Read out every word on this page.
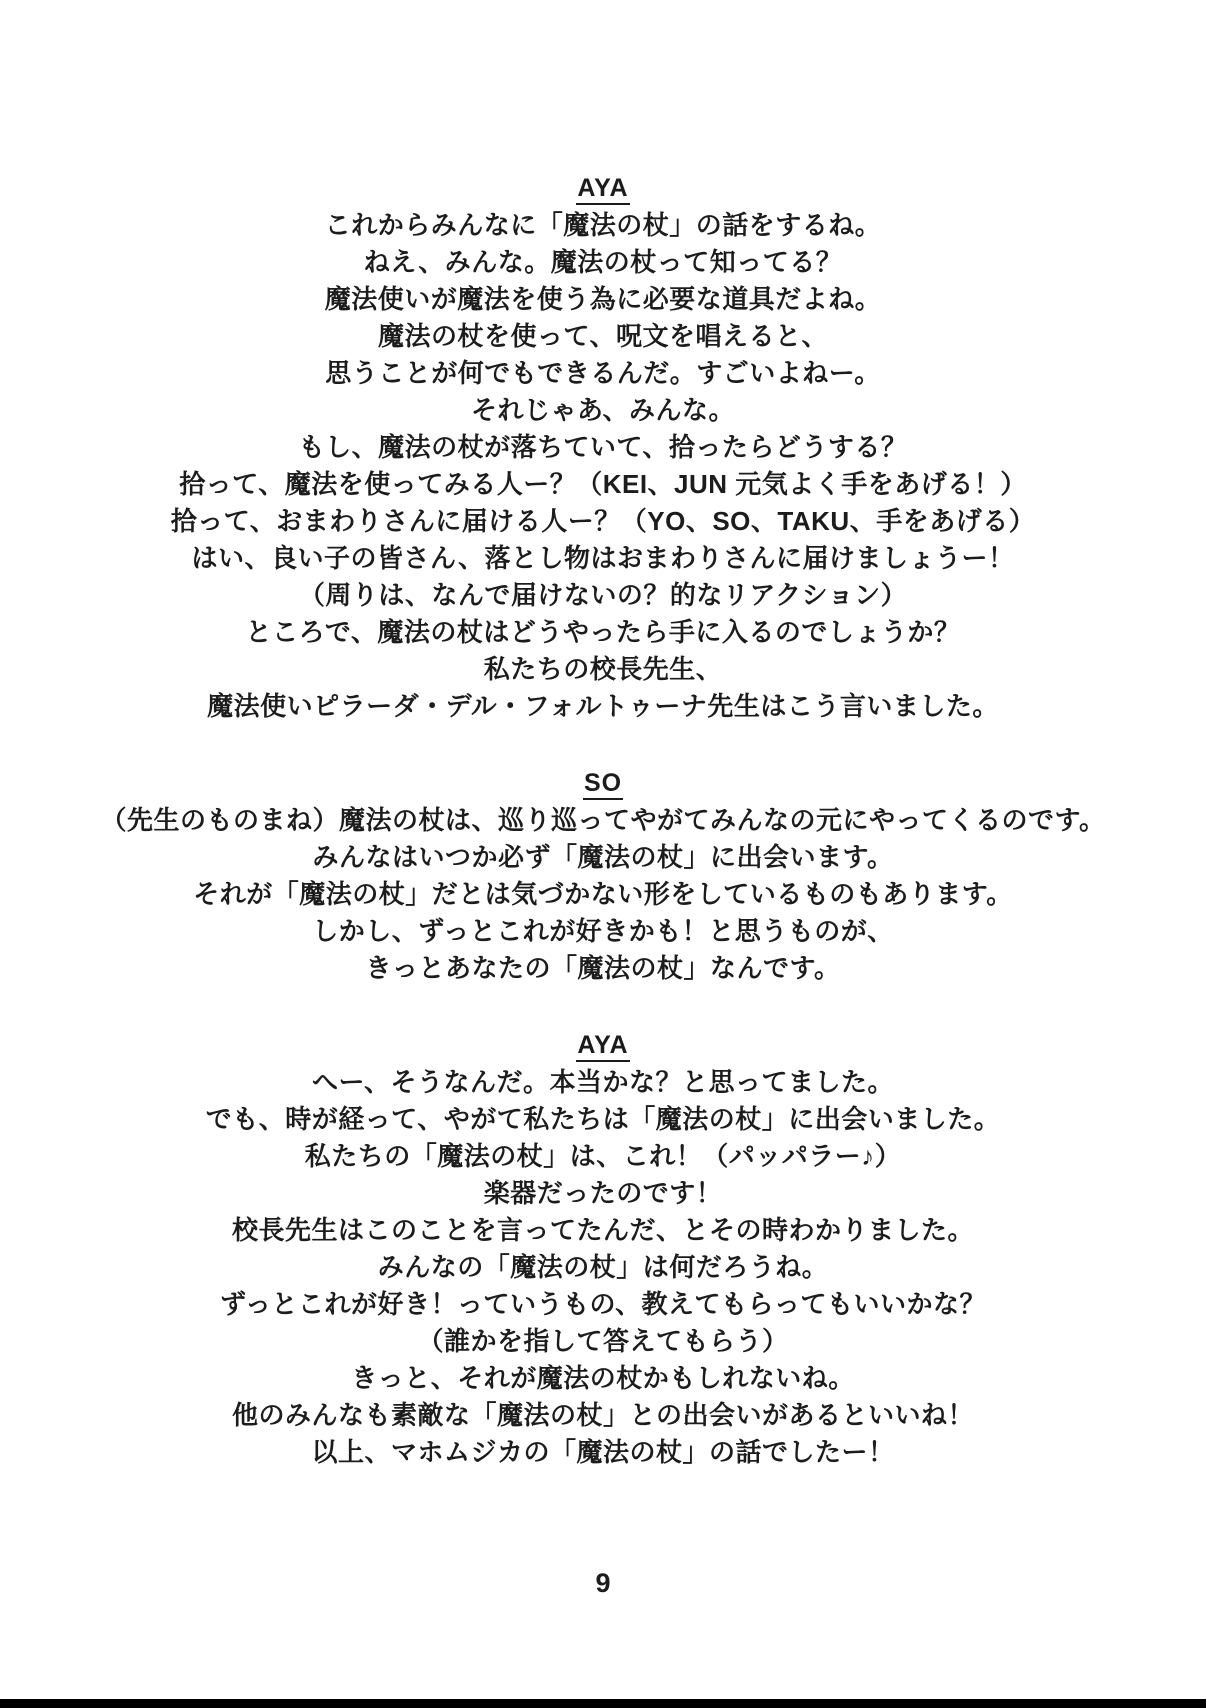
AYA
これからみんなに「魔法の杖」の話をするね。
ねえ、みんな。魔法の杖って知ってる？
魔法使いが魔法を使う為に必要な道具だよね。
魔法の杖を使って、呪文を唱えると、
思うことが何でもできるんだ。すごいよねー。
それじゃあ、みんな。
もし、魔法の杖が落ちていて、拾ったらどうする？
拾って、魔法を使ってみる人ー？（KEI、JUN 元気よく手をあげる！）
拾って、おまわりさんに届ける人ー？（YO、SO、TAKU、手をあげる）
はい、良い子の皆さん、落とし物はおまわりさんに届けましょうー！
（周りは、なんで届けないの？的なリアクション）
ところで、魔法の杖はどうやったら手に入るのでしょうか？
私たちの校長先生、
魔法使いピラーダ・デル・フォルトゥーナ先生はこう言いました。
SO
（先生のものまね）魔法の杖は、巡り巡ってやがてみんなの元にやってくるのです。
みんなはいつか必ず「魔法の杖」に出会います。
それが「魔法の杖」だとは気づかない形をしているものもあります。
しかし、ずっとこれが好きかも！と思うものが、
きっとあなたの「魔法の杖」なんです。
AYA
へー、そうなんだ。本当かな？と思ってました。
でも、時が経って、やがて私たちは「魔法の杖」に出会いました。
私たちの「魔法の杖」は、これ！（パッパラー♪）
楽器だったのです！
校長先生はこのことを言ってたんだ、とその時わかりました。
みんなの「魔法の杖」は何だろうね。
ずっとこれが好き！っていうもの、教えてもらってもいいかな？
（誰かを指して答えてもらう）
きっと、それが魔法の杖かもしれないね。
他のみんなも素敵な「魔法の杖」との出会いがあるといいね！
以上、マホムジカの「魔法の杖」の話でしたー！
9
